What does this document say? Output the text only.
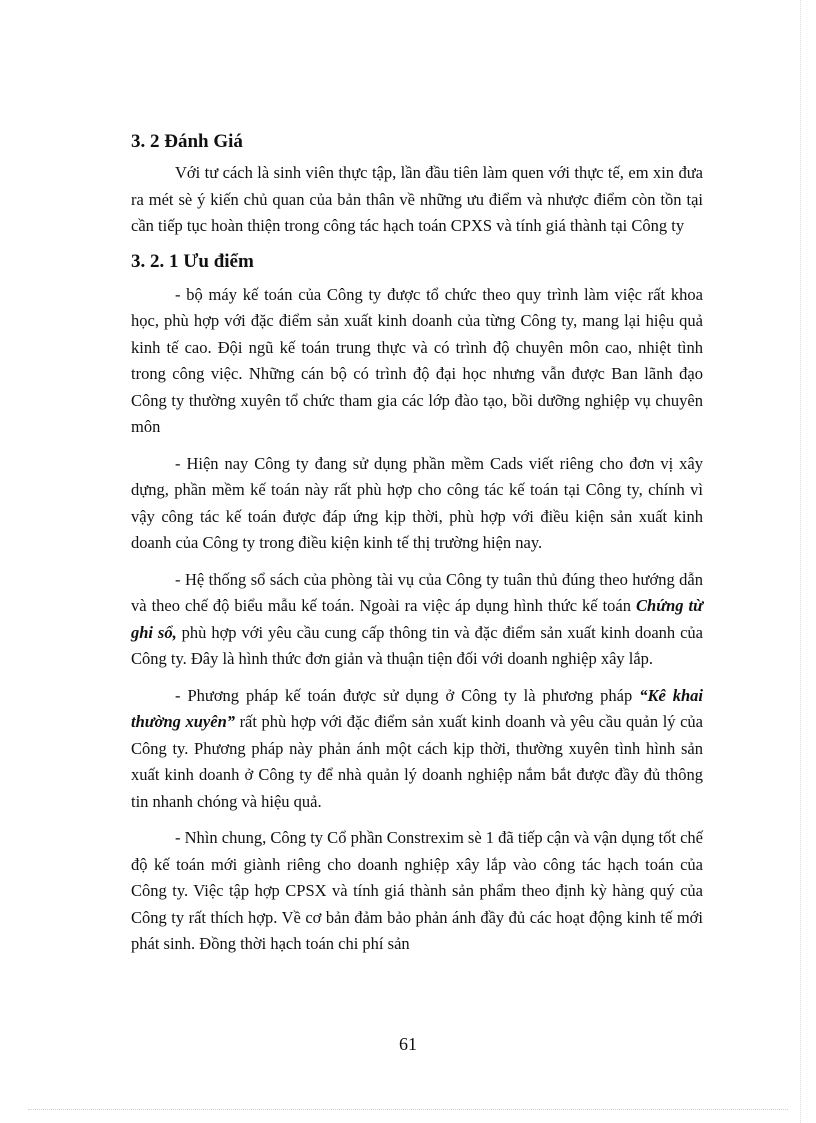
3. 2 Đánh Giá

Với tư cách là sinh viên thực tập, lần đầu tiên làm quen với thực tế, em xin đưa ra mét sè ý kiến chủ quan của bản thân về những ưu điểm và nhược điểm còn tồn tại cần tiếp tục hoàn thiện trong công tác hạch toán CPXS và tính giá thành tại Công ty

3. 2. 1 Ưu điểm

- bộ máy kế toán của Công ty được tổ chức theo quy trình làm việc rất khoa học, phù hợp với đặc điểm sản xuất kinh doanh của từng Công ty, mang lại hiệu quả kinh tế cao. Đội ngũ kế toán trung thực và có trình độ chuyên môn cao, nhiệt tình trong công việc. Những cán bộ có trình độ đại học nhưng vẫn được Ban lãnh đạo Công ty thường xuyên tổ chức tham gia các lớp đào tạo, bồi dưỡng nghiệp vụ chuyên môn

- Hiện nay Công ty đang sử dụng phần mềm Cads viết riêng cho đơn vị xây dựng, phần mềm kế toán này rất phù hợp cho công tác kế toán tại Công ty, chính vì vậy công tác kế toán được đáp ứng kịp thời, phù hợp với điều kiện sản xuất kinh doanh của Công ty trong điều kiện kinh tế thị trường hiện nay.

- Hệ thống sổ sách của phòng tài vụ của Công ty tuân thủ đúng theo hướng dẫn và theo chế độ biểu mẫu kế toán. Ngoài ra việc áp dụng hình thức kế toán Chứng từ ghi sổ, phù hợp với yêu cầu cung cấp thông tin và đặc điểm sản xuất kinh doanh của Công ty. Đây là hình thức đơn giản và thuận tiện đối với doanh nghiệp xây lắp.

- Phương pháp kế toán được sử dụng ở Công ty là phương pháp “Kê khai thường xuyên” rất phù hợp với đặc điểm sản xuất kinh doanh và yêu cầu quản lý của Công ty. Phương pháp này phản ánh một cách kịp thời, thường xuyên tình hình sản xuất kinh doanh ở Công ty để nhà quản lý doanh nghiệp nắm bắt được đầy đủ thông tin nhanh chóng và hiệu quả.

- Nhìn chung, Công ty Cổ phần Constrexim sè 1 đã tiếp cận và vận dụng tốt chế độ kế toán mới giành riêng cho doanh nghiệp xây lắp vào công tác hạch toán của Công ty. Việc tập hợp CPSX và tính giá thành sản phẩm theo định kỳ hàng quý của Công ty rất thích hợp. Về cơ bản đảm bảo phản ánh đầy đủ các hoạt động kinh tế mới phát sinh. Đồng thời hạch toán chi phí sản

61
